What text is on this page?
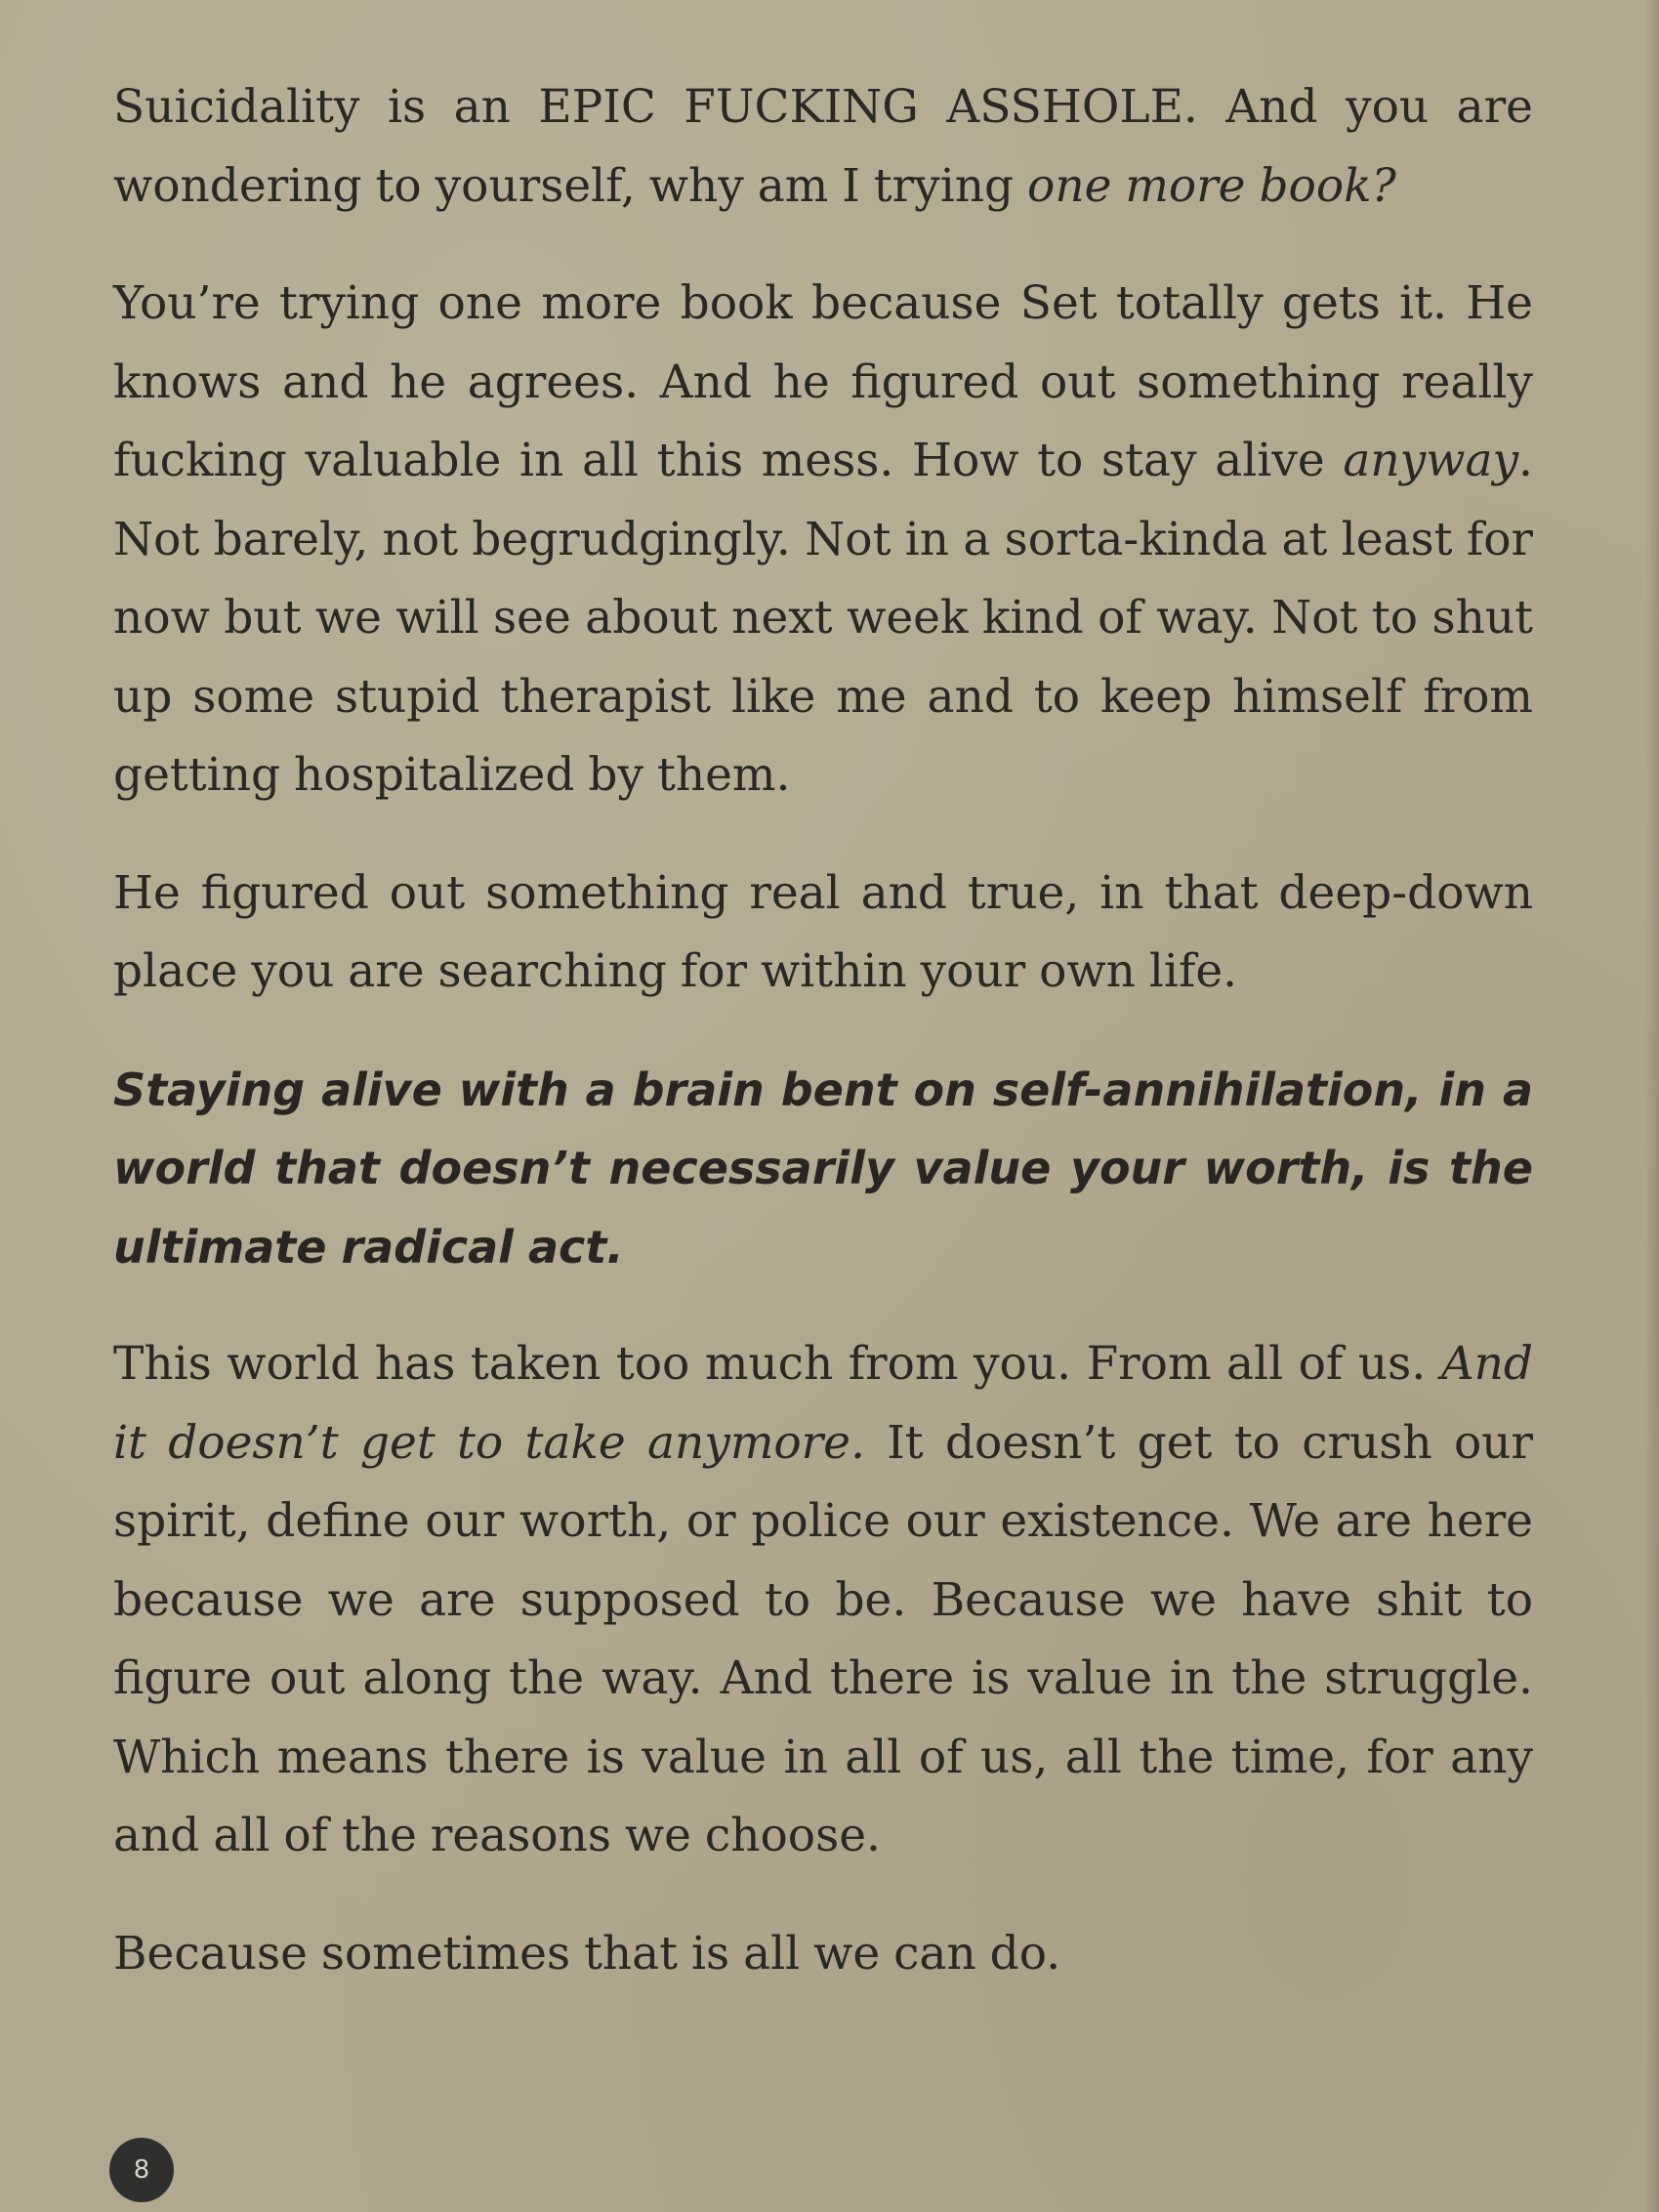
Suicidality is an EPIC FUCKING ASSHOLE. And you are wondering to yourself, why am I trying one more book?

You’re trying one more book because Set totally gets it. He knows and he agrees. And he figured out something really fucking valuable in all this mess. How to stay alive anyway. Not barely, not begrudgingly. Not in a sorta-kinda at least for now but we will see about next week kind of way. Not to shut up some stupid therapist like me and to keep himself from getting hospitalized by them.

He figured out something real and true, in that deep-down place you are searching for within your own life.

Staying alive with a brain bent on self-annihilation, in a world that doesn’t necessarily value your worth, is the ultimate radical act.

This world has taken too much from you. From all of us. And it doesn’t get to take anymore. It doesn’t get to crush our spirit, define our worth, or police our existence. We are here because we are supposed to be. Because we have shit to figure out along the way. And there is value in the struggle. Which means there is value in all of us, all the time, for any and all of the reasons we choose.

Because sometimes that is all we can do.

8
